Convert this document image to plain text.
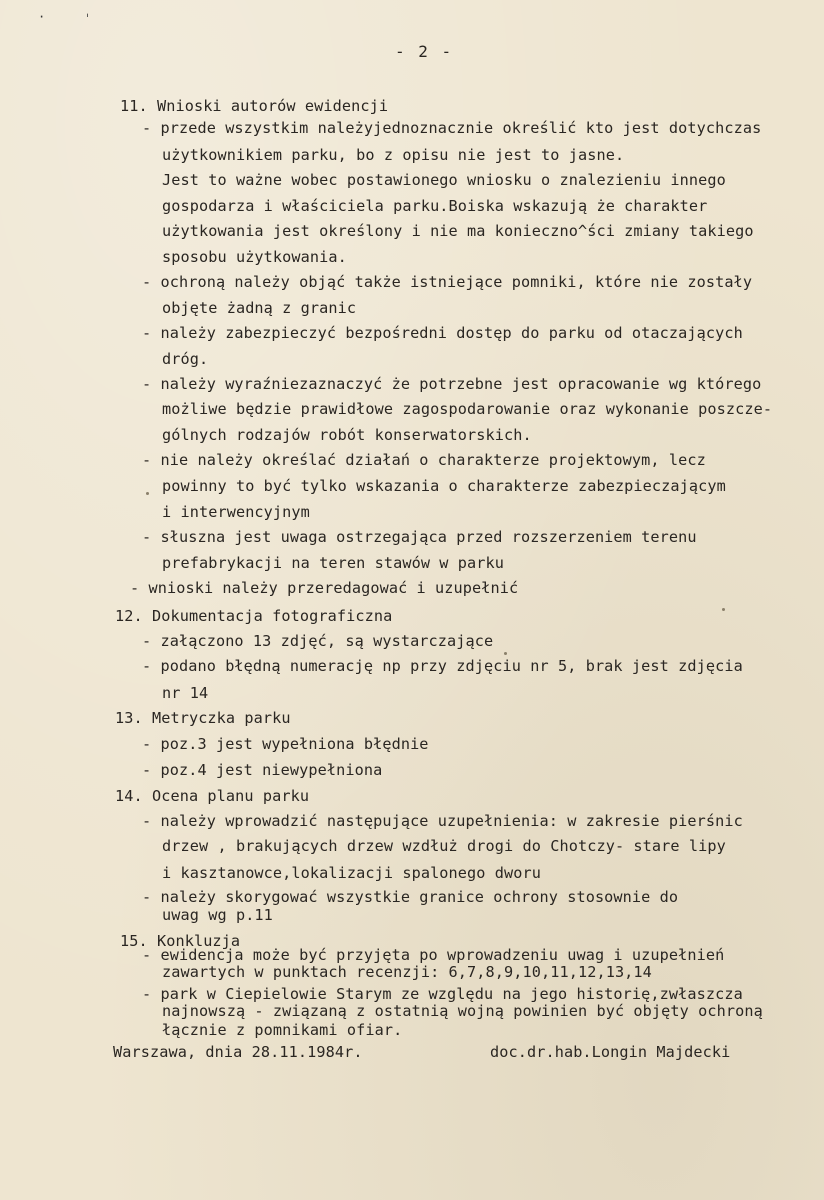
·	ˈ
- 2 -
11. Wnioski autorów ewidencji
- przede wszystkim należyjednoznacznie określić kto jest dotychczas
użytkownikiem parku, bo z opisu nie jest to jasne.
Jest to ważne wobec postawionego wniosku o znalezieniu innego
gospodarza i właściciela parku.Boiska wskazują że charakter
użytkowania jest określony i nie ma konieczno^ści zmiany takiego
sposobu użytkowania.
- ochroną należy objąć także istniejące pomniki, które nie zostały
objęte żadną z granic
- należy zabezpieczyć bezpośredni dostęp do parku od otaczających
dróg.
- należy wyraźniezaznaczyć że potrzebne jest opracowanie wg którego
możliwe będzie prawidłowe zagospodarowanie oraz wykonanie poszcze-
gólnych rodzajów robót konserwatorskich.
- nie należy określać działań o charakterze projektowym, lecz
powinny to być tylko wskazania o charakterze zabezpieczającym
i interwencyjnym
- słuszna jest uwaga ostrzegająca przed rozszerzeniem terenu
prefabrykacji na teren stawów w parku
- wnioski należy przeredagować i uzupełnić
12. Dokumentacja fotograficzna
- załączono 13 zdjęć, są wystarczające
- podano błędną numerację np przy zdjęciu nr 5, brak jest zdjęcia
nr 14
13. Metryczka parku
- poz.3 jest wypełniona błędnie
- poz.4 jest niewypełniona
14. Ocena planu parku
- należy wprowadzić następujące uzupełnienia: w zakresie pierśnic
drzew , brakujących drzew wzdłuż drogi do Chotczy- stare lipy
i kasztanowce,lokalizacji spalonego dworu
- należy skorygować wszystkie granice ochrony stosownie do
uwag wg p.11
15. Konkluzja
- ewidencja może być przyjęta po wprowadzeniu uwag i uzupełnień
zawartych w punktach recenzji: 6,7,8,9,10,11,12,13,14
- park w Ciepielowie Starym ze względu na jego historię,zwłaszcza
najnowszą - związaną z ostatnią wojną powinien być objęty ochroną
łącznie z pomnikami ofiar.
Warszawa, dnia 28.11.1984r.	doc.dr.hab.Longin Majdecki
